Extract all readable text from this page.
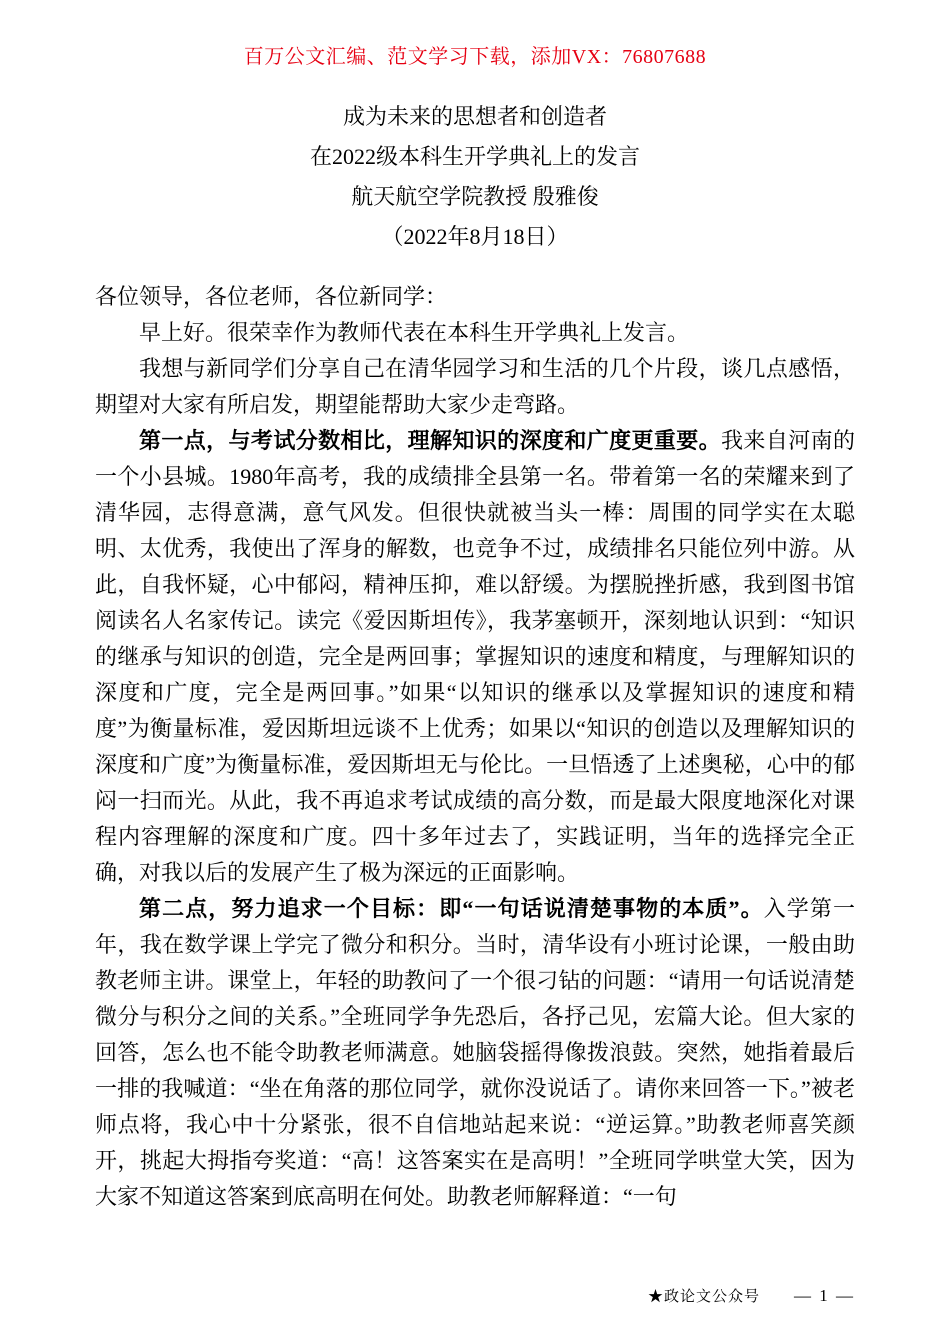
百万公文汇编、范文学习下载，添加VX：76807688
成为未来的思想者和创造者
在2022级本科生开学典礼上的发言
航天航空学院教授 殷雅俊
（2022年8月18日）

各位领导，各位老师，各位新同学：

早上好。很荣幸作为教师代表在本科生开学典礼上发言。

我想与新同学们分享自己在清华园学习和生活的几个片段，谈几点感悟，期望对大家有所启发，期望能帮助大家少走弯路。

第一点，与考试分数相比，理解知识的深度和广度更重要。我来自河南的一个小县城。1980年高考，我的成绩排全县第一名。带着第一名的荣耀来到了清华园，志得意满，意气风发。但很快就被当头一棒：周围的同学实在太聪明、太优秀，我使出了浑身的解数，也竞争不过，成绩排名只能位列中游。从此，自我怀疑，心中郁闷，精神压抑，难以舒缓。为摆脱挫折感，我到图书馆阅读名人名家传记。读完《爱因斯坦传》，我茅塞顿开，深刻地认识到：“知识的继承与知识的创造，完全是两回事；掌握知识的速度和精度，与理解知识的深度和广度，完全是两回事。”如果“以知识的继承以及掌握知识的速度和精度”为衡量标准，爱因斯坦远谈不上优秀；如果以“知识的创造以及理解知识的深度和广度”为衡量标准，爱因斯坦无与伦比。一旦悟透了上述奥秘，心中的郁闷一扫而光。从此，我不再追求考试成绩的高分数，而是最大限度地深化对课程内容理解的深度和广度。四十多年过去了，实践证明，当年的选择完全正确，对我以后的发展产生了极为深远的正面影响。

第二点，努力追求一个目标：即“一句话说清楚事物的本质”。入学第一年，我在数学课上学完了微分和积分。当时，清华设有小班讨论课，一般由助教老师主讲。课堂上，年轻的助教问了一个很刁钻的问题：“请用一句话说清楚微分与积分之间的关系。”全班同学争先恐后，各抒己见，宏篇大论。但大家的回答，怎么也不能令助教老师满意。她脑袋摇得像拨浪鼓。突然，她指着最后一排的我喊道：“坐在角落的那位同学，就你没说话了。请你来回答一下。”被老师点将，我心中十分紧张，很不自信地站起来说：“逆运算。”助教老师喜笑颜开，挑起大拇指夸奖道：“高！这答案实在是高明！”全班同学哄堂大笑，因为大家不知道这答案到底高明在何处。助教老师解释道：“一句

★政论文公众号 — 1 —
